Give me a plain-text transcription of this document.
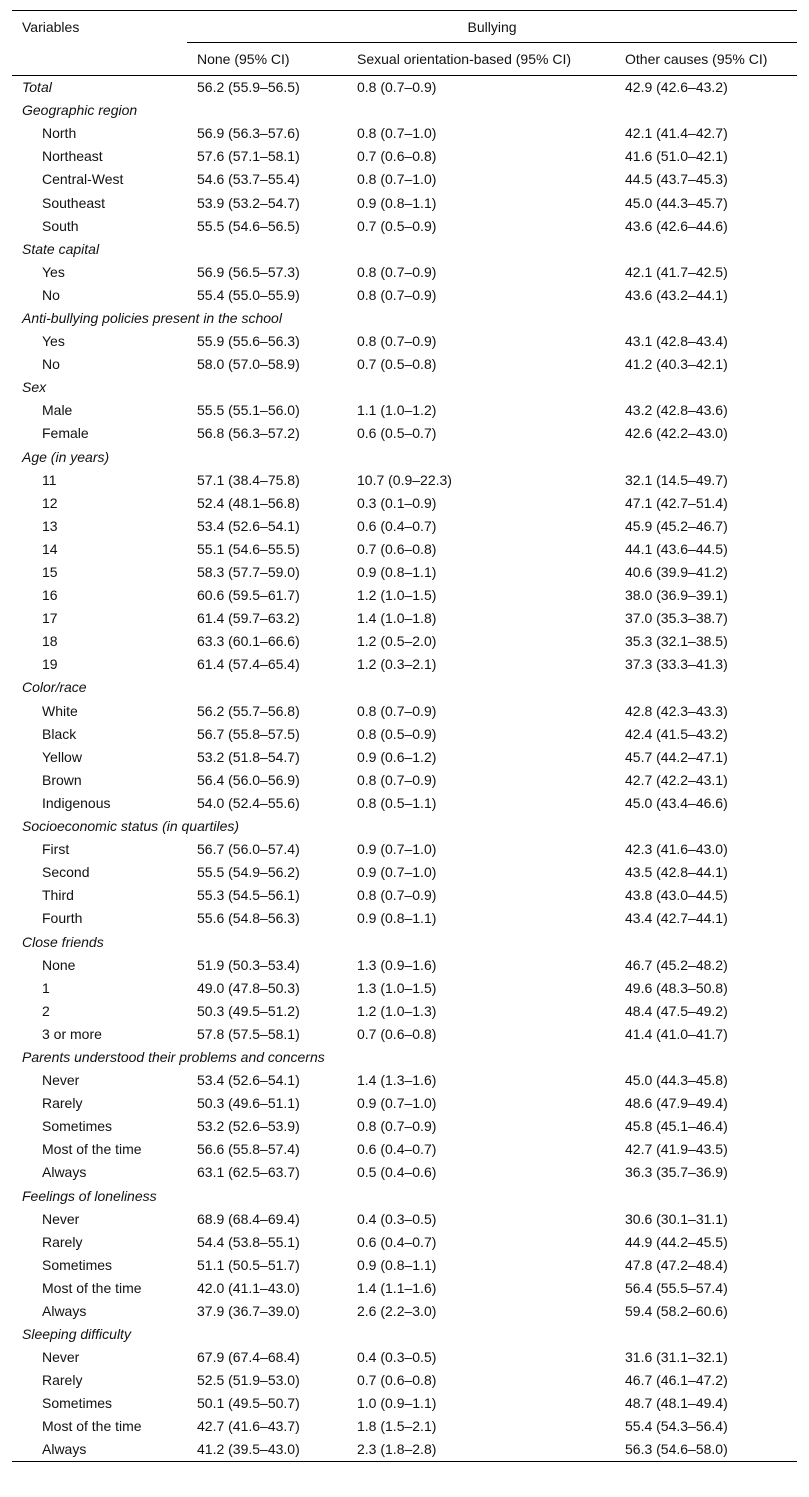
Variables	Bullying		
	None (95% CI)	Sexual orientation-based (95% CI)	Other causes (95% CI)
Total	56.2 (55.9–56.5)	0.8 (0.7–0.9)	42.9 (42.6–43.2)
Geographic region			
North	56.9 (56.3–57.6)	0.8 (0.7–1.0)	42.1 (41.4–42.7)
Northeast	57.6 (57.1–58.1)	0.7 (0.6–0.8)	41.6 (51.0–42.1)
Central-West	54.6 (53.7–55.4)	0.8 (0.7–1.0)	44.5 (43.7–45.3)
Southeast	53.9 (53.2–54.7)	0.9 (0.8–1.1)	45.0 (44.3–45.7)
South	55.5 (54.6–56.5)	0.7 (0.5–0.9)	43.6 (42.6–44.6)
State capital			
Yes	56.9 (56.5–57.3)	0.8 (0.7–0.9)	42.1 (41.7–42.5)
No	55.4 (55.0–55.9)	0.8 (0.7–0.9)	43.6 (43.2–44.1)
Anti-bullying policies present in the school			
Yes	55.9 (55.6–56.3)	0.8 (0.7–0.9)	43.1 (42.8–43.4)
No	58.0 (57.0–58.9)	0.7 (0.5–0.8)	41.2 (40.3–42.1)
Sex			
Male	55.5 (55.1–56.0)	1.1 (1.0–1.2)	43.2 (42.8–43.6)
Female	56.8 (56.3–57.2)	0.6 (0.5–0.7)	42.6 (42.2–43.0)
Age (in years)			
11	57.1 (38.4–75.8)	10.7 (0.9–22.3)	32.1 (14.5–49.7)
12	52.4 (48.1–56.8)	0.3 (0.1–0.9)	47.1 (42.7–51.4)
13	53.4 (52.6–54.1)	0.6 (0.4–0.7)	45.9 (45.2–46.7)
14	55.1 (54.6–55.5)	0.7 (0.6–0.8)	44.1 (43.6–44.5)
15	58.3 (57.7–59.0)	0.9 (0.8–1.1)	40.6 (39.9–41.2)
16	60.6 (59.5–61.7)	1.2 (1.0–1.5)	38.0 (36.9–39.1)
17	61.4 (59.7–63.2)	1.4 (1.0–1.8)	37.0 (35.3–38.7)
18	63.3 (60.1–66.6)	1.2 (0.5–2.0)	35.3 (32.1–38.5)
19	61.4 (57.4–65.4)	1.2 (0.3–2.1)	37.3 (33.3–41.3)
Color/race			
White	56.2 (55.7–56.8)	0.8 (0.7–0.9)	42.8 (42.3–43.3)
Black	56.7 (55.8–57.5)	0.8 (0.5–0.9)	42.4 (41.5–43.2)
Yellow	53.2 (51.8–54.7)	0.9 (0.6–1.2)	45.7 (44.2–47.1)
Brown	56.4 (56.0–56.9)	0.8 (0.7–0.9)	42.7 (42.2–43.1)
Indigenous	54.0 (52.4–55.6)	0.8 (0.5–1.1)	45.0 (43.4–46.6)
Socioeconomic status (in quartiles)			
First	56.7 (56.0–57.4)	0.9 (0.7–1.0)	42.3 (41.6–43.0)
Second	55.5 (54.9–56.2)	0.9 (0.7–1.0)	43.5 (42.8–44.1)
Third	55.3 (54.5–56.1)	0.8 (0.7–0.9)	43.8 (43.0–44.5)
Fourth	55.6 (54.8–56.3)	0.9 (0.8–1.1)	43.4 (42.7–44.1)
Close friends			
None	51.9 (50.3–53.4)	1.3 (0.9–1.6)	46.7 (45.2–48.2)
1	49.0 (47.8–50.3)	1.3 (1.0–1.5)	49.6 (48.3–50.8)
2	50.3 (49.5–51.2)	1.2 (1.0–1.3)	48.4 (47.5–49.2)
3 or more	57.8 (57.5–58.1)	0.7 (0.6–0.8)	41.4 (41.0–41.7)
Parents understood their problems and concerns			
Never	53.4 (52.6–54.1)	1.4 (1.3–1.6)	45.0 (44.3–45.8)
Rarely	50.3 (49.6–51.1)	0.9 (0.7–1.0)	48.6 (47.9–49.4)
Sometimes	53.2 (52.6–53.9)	0.8 (0.7–0.9)	45.8 (45.1–46.4)
Most of the time	56.6 (55.8–57.4)	0.6 (0.4–0.7)	42.7 (41.9–43.5)
Always	63.1 (62.5–63.7)	0.5 (0.4–0.6)	36.3 (35.7–36.9)
Feelings of loneliness			
Never	68.9 (68.4–69.4)	0.4 (0.3–0.5)	30.6 (30.1–31.1)
Rarely	54.4 (53.8–55.1)	0.6 (0.4–0.7)	44.9 (44.2–45.5)
Sometimes	51.1 (50.5–51.7)	0.9 (0.8–1.1)	47.8 (47.2–48.4)
Most of the time	42.0 (41.1–43.0)	1.4 (1.1–1.6)	56.4 (55.5–57.4)
Always	37.9 (36.7–39.0)	2.6 (2.2–3.0)	59.4 (58.2–60.6)
Sleeping difficulty			
Never	67.9 (67.4–68.4)	0.4 (0.3–0.5)	31.6 (31.1–32.1)
Rarely	52.5 (51.9–53.0)	0.7 (0.6–0.8)	46.7 (46.1–47.2)
Sometimes	50.1 (49.5–50.7)	1.0 (0.9–1.1)	48.7 (48.1–49.4)
Most of the time	42.7 (41.6–43.7)	1.8 (1.5–2.1)	55.4 (54.3–56.4)
Always	41.2 (39.5–43.0)	2.3 (1.8–2.8)	56.3 (54.6–58.0)
